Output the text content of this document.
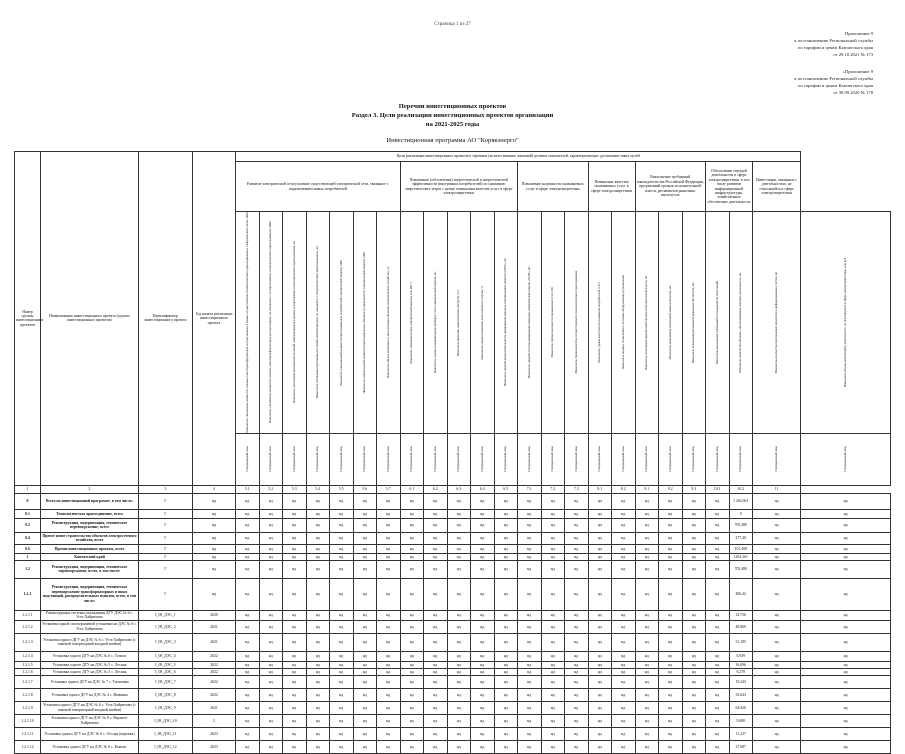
Страница 1 из 27
Приложение 9
к постановлению Региональной службы
по тарифам и ценам Камчатского края
от 29.10.2021 № 173
«Приложение 9
к постановлению Региональной службы
по тарифам и ценам Камчатского края
от 30.09.2020 № 178
Перечни инвестиционных проектов
Раздел 3. Цели реализации инвестиционных проектов организации
на 2021-2025 годы
Инвестиционная программа АО "Корякэнерго"
Номер группы инвестиционных проектов	Наименование инвестиционного проекта (группы инвестиционных проектов)	Идентификатор инвестиционного проекта	Год начала реализации инвестиционного проекта	Цели реализации инвестиционных проектов в терминах (количественных значений) целевых показателей, характеризующих достижение таких целей																							
				Развитие электрической сети/усиление существующей электрической сети, связанное с подключением новых потребителей							Повышение (обеспечение) энергетической и энергетической эффективности (внутренних потребителей) по снижению энергетических затрат с целью повышения качества услуг в сфере электроэнергетики					Повышение надежности оказываемых услуг в сфере электроэнергетики			Повышение качества оказываемых услуг в сфере электроэнергетики		Выполнение требований законодательства Российской Федерации, предписаний органов исполнительной власти, регламентов рыночных институтов			Обеспечение текущей деятельности в сфере электроэнергетики, в том числе развитие информационной инфраструктуры, хозяйственное обеспечение деятельности		Инвестиции, связанные с деятельностью, не относящейся к сфере электроэнергетики	

				Показатель увеличения мощности силовых (авто)трансформаторов на подстанциях в рамках осуществления технологического присоединения к электрическим сетям, МВА	Показатель увеличения мощности силовых (авто)трансформаторов на подстанциях, не связанного с осуществлением технологического присоединения, МВА	Показатель увеличения протяженности линий электропередачи в рамках осуществления технологического присоединения, км	Показатель увеличения протяженности линий электропередачи, не связанного с технологическим присоединением, км	Показатель максимальной мощности присоединяемых потребителей электрической энергии, МВт	Показатель максимальной мощности присоединяемых объектов по производству электрической энергии, МВт	Показатель объема введенных в эксплуатацию объектов электросетевого хозяйства, у.е.	Показатель снижения потерь электрической энергии, млн кВт·ч	Показатель замены (модернизации) приборов учета электрической энергии, шт.	Показатель экономии энергетических ресурсов, т.у.т.	Показатель оценки изменения доли полезного отпуска, %	Показатель средней продолжительности прекращения передачи электрической энергии (SAIDI), час	Показатель средней частоты прекращения передачи электрической энергии (SAIFI), шт.	Показатель уровня надежности оказываемых услуг, Пп	Показатель уровня качества осуществляемого технологического присоединения	Показатель уровня качества обслуживания потребителей услуг	Показатель индекса технического состояния оборудования до реализации	Показатель исполнения предписаний органов исполнительной власти, шт.	Показатель выполнения требований законодательства, шт.	Показатель исполнения регламентов рыночных институтов, шт.	Показатель выполнения требований к оснащенности подстанций	Показатель количества объектов, обеспечивающих текущую деятельность, шт.	Показатель количества программных продуктов и информационных систем, шт.	Показатель объема инвестиций в деятельность, не относящуюся к сфере электроэнергетики, млн руб.

				Утвержденный план	Утвержденный план	Утвержденный план	Утвержденный план	Утвержденный план	Утвержденный план	Утвержденный план	Утвержденный план	Утвержденный план	Утвержденный план	Утвержденный план	Утвержденный план	Утвержденный план	Утвержденный план	Утвержденный план	Утвержденный план	Утвержденный план	Утвержденный план	Утвержденный план	Утвержденный план	Утвержденный план	Утвержденный план	Утвержденный план	Утвержденный план

1	2	3	4	5.1	5.2	5.3	5.4	5.5	5.6	5.7	6.1	6.2	6.3	6.4	6.5	7.1	7.2	7.3	8.1	8.2	9.1	9.2	9.3	10.1	10.2	11	
0	Всего по инвестиционной программе, в том числе:	Г	нд	нд	нд	нд	нд	нд	нд	нд	нд	нд	нд	нд	нд	нд	нд	нд	нд	нд	нд	нд	нд	нд	1 204,361	нд	нд
0.1	Технологическое присоединение, всего	Г	нд	нд	нд	нд	нд	нд	нд	нд	нд	нд	нд	нд	нд	нд	нд	нд	нд	нд	нд	нд	нд	нд	0	нд	нд
0.2	Реконструкция, модернизация, техническое перевооружение, всего	Г	нд	нд	нд	нд	нд	нд	нд	нд	нд	нд	нд	нд	нд	нд	нд	нд	нд	нд	нд	нд	нд	нд	705,480	нд	нд
0.4	Прочее новое строительство объектов электросетевого хозяйства, всего	Г	нд	нд	нд	нд	нд	нд	нд	нд	нд	нд	нд	нд	нд	нд	нд	нд	нд	нд	нд	нд	нд	нд	277,40	нд	нд
0.6	Прочие инвестиционные проекты, всего	Г	нд	нд	нд	нд	нд	нд	нд	нд	нд	нд	нд	нд	нд	нд	нд	нд	нд	нд	нд	нд	нд	нд	101,408	нд	нд
1	Камчатский край	Г	нд	нд	нд	нд	нд	нд	нд	нд	нд	нд	нд	нд	нд	нд	нд	нд	нд	нд	нд	нд	нд	нд	1204,361	нд	нд
1.2	Реконструкция, модернизация, техническое перевооружение, всего, в том числе:	Г	нд	нд	нд	нд	нд	нд	нд	нд	нд	нд	нд	нд	нд	нд	нд	нд	нд	нд	нд	нд	нд	нд	705,480	нд	нд
1.2.1	Реконструкция, модернизация, техническое перевооружение трансформаторных и иных подстанций, распределительных пунктов, всего, в том числе:	Г	нд	нд	нд	нд	нд	нд	нд	нд	нд	нд	нд	нд	нд	нд	нд	нд	нд	нд	нд	нд	нд	нд	486,42	нд	нд
1.2.1.1	Реконструкция системы охлаждения ДГУ ДЭС № 6 с. Усть-Хайрюзово	I_08_ДЭС_1	2020	нд	нд	нд	нд	нд	нд	нд	нд	нд	нд	нд	нд	нд	нд	нд	нд	нд	нд	нд	нд	нд	14,756	нд	нд
1.2.1.2	Установка одной газопоршневой установки на ДЭС № 6 с. Усть-Хайрюзово	I_08_ДЭС_2	2021	нд	нд	нд	нд	нд	нд	нд	нд	нд	нд	нд	нд	нд	нд	нд	нд	нд	нд	нд	нд	нд	48,869	нд	нд
1.2.1.3	Установка одного ДГУ на ДЭС № 6 с. Усть-Хайрюзово (с заменой генераторной входной ячейки)	I_08_ДЭС_3	2021	нд	нд	нд	нд	нд	нд	нд	нд	нд	нд	нд	нд	нд	нд	нд	нд	нд	нд	нд	нд	нд	51,185	нд	нд
1.2.1.4	Установка одного ДГУ на ДЭС № 6 с. Точило	I_08_ДЭС_4	2022	нд	нд	нд	нд	нд	нд	нд	нд	нд	нд	нд	нд	нд	нд	нд	нд	нд	нд	нд	нд	нд	6,939	нд	нд
1.2.1.5	Установка одного ДГУ на ДЭС № 5 с. Лесная	I_08_ДЭС_5	2022	нд	нд	нд	нд	нд	нд	нд	нд	нд	нд	нд	нд	нд	нд	нд	нд	нд	нд	нд	нд	нд	16,096	нд	нд
1.2.1.6	Установка одного ДГУ на ДЭС № 5 с. Лесная	I_08_ДЭС_6	2022	нд	нд	нд	нд	нд	нд	нд	нд	нд	нд	нд	нд	нд	нд	нд	нд	нд	нд	нд	нд	нд	6,278	нд	нд
1.2.1.7	Установка одного ДГУ на ДЭС № 7 с. Тиличики	I_08_ДЭС_7	2022	нд	нд	нд	нд	нд	нд	нд	нд	нд	нд	нд	нд	нд	нд	нд	нд	нд	нд	нд	нд	нд	19,243	нд	нд
1.2.1.8	Установка одного ДГУ на ДЭС № 4 с. Вывенка	I_08_ДЭС_8	2022	нд	нд	нд	нд	нд	нд	нд	нд	нд	нд	нд	нд	нд	нд	нд	нд	нд	нд	нд	нд	нд	33,643	нд	нд
1.2.1.9	Установка одного ДГУ на ДЭС № 6 с. Усть-Хайрюзово (с заменой генераторной входной ячейки)	I_08_ДЭС_9	2021	нд	нд	нд	нд	нд	нд	нд	нд	нд	нд	нд	нд	нд	нд	нд	нд	нд	нд	нд	нд	нд	64,926	нд	нд
1.2.1.10	Установка одного ДГУ на ДЭС № 8 с. Верхнее-Хайрюзово	I_08_ДЭС_10	2	нд	нд	нд	нд	нд	нд	нд	нд	нд	нд	нд	нд	нд	нд	нд	нд	нд	нд	нд	нд	нд	9,680	нд	нд
1.2.1.11	Установка одного ДГУ на ДЭС № 6 с. Оссора (кировка)	I_08_ДЭС_11	2023	нд	нд	нд	нд	нд	нд	нд	нд	нд	нд	нд	нд	нд	нд	нд	нд	нд	нд	нд	нд	нд	11,227	нд	нд
1.2.1.12	Установка одного ДГУ на ДЭС № 6 с. Каменс	I_08_ДЭС_12	2023	нд	нд	нд	нд	нд	нд	нд	нд	нд	нд	нд	нд	нд	нд	нд	нд	нд	нд	нд	нд	нд	27,687	нд	нд
